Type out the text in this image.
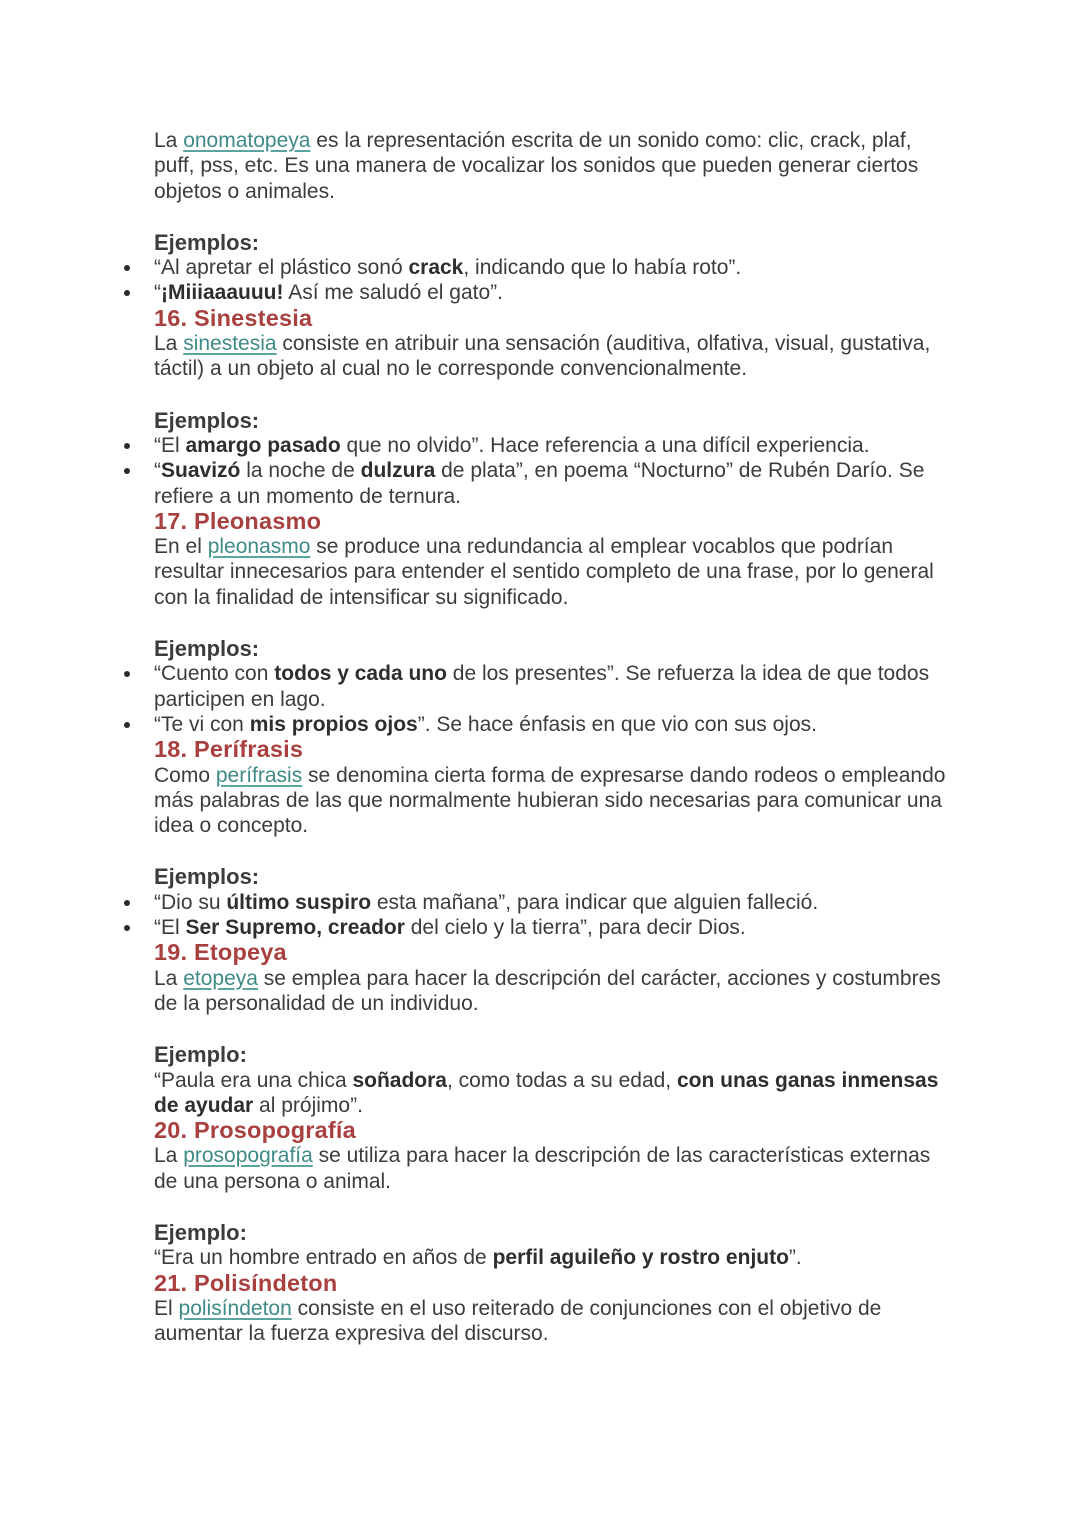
La onomatopeya es la representación escrita de un sonido como: clic, crack, plaf, puff, pss, etc. Es una manera de vocalizar los sonidos que pueden generar ciertos objetos o animales.

Ejemplos:

“Al apretar el plástico sonó crack, indicando que lo había roto”.
“¡Miiiaaauuu! Así me saludó el gato”.

16. Sinestesia

La sinestesia consiste en atribuir una sensación (auditiva, olfativa, visual, gustativa, táctil) a un objeto al cual no le corresponde convencionalmente.

Ejemplos:

“El amargo pasado que no olvido”. Hace referencia a una difícil experiencia.
“Suavizó la noche de dulzura de plata”, en poema “Nocturno” de Rubén Darío. Se refiere a un momento de ternura.

17. Pleonasmo

En el pleonasmo se produce una redundancia al emplear vocablos que podrían resultar innecesarios para entender el sentido completo de una frase, por lo general con la finalidad de intensificar su significado.

Ejemplos:

“Cuento con todos y cada uno de los presentes”. Se refuerza la idea de que todos participen en lago.
“Te vi con mis propios ojos”. Se hace énfasis en que vio con sus ojos.

18. Perífrasis

Como perífrasis se denomina cierta forma de expresarse dando rodeos o empleando más palabras de las que normalmente hubieran sido necesarias para comunicar una idea o concepto.

Ejemplos:

“Dio su último suspiro esta mañana”, para indicar que alguien falleció.
“El Ser Supremo, creador del cielo y la tierra”, para decir Dios.

19. Etopeya

La etopeya se emplea para hacer la descripción del carácter, acciones y costumbres de la personalidad de un individuo.

Ejemplo:

“Paula era una chica soñadora, como todas a su edad, con unas ganas inmensas de ayudar al prójimo”.

20. Prosopografía

La prosopografía se utiliza para hacer la descripción de las características externas de una persona o animal.

Ejemplo:

“Era un hombre entrado en años de perfil aguileño y rostro enjuto”.

21. Polisíndeton

El polisíndeton consiste en el uso reiterado de conjunciones con el objetivo de aumentar la fuerza expresiva del discurso.
